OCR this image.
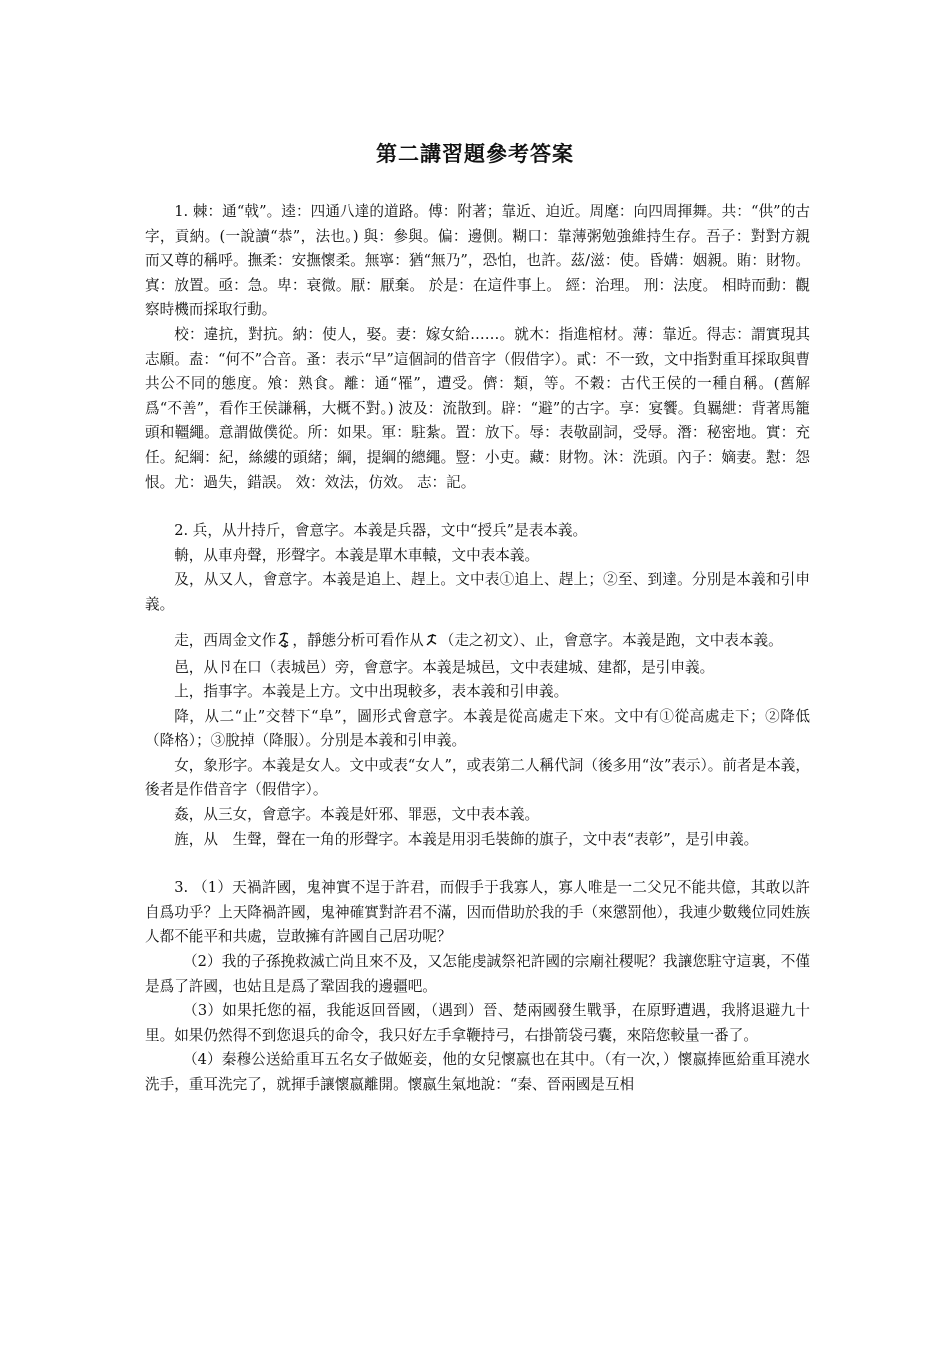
第二講習題參考答案

1. 棘：通“戟”。逵：四通八達的道路。傅：附著；靠近、迫近。周麾：向四周揮舞。共：“供”的古字，貢納。(一說讀“恭”，法也。) 與：參與。偏：邊側。糊口：靠薄粥勉強維持生存。吾子：對對方親而又尊的稱呼。撫柔：安撫懷柔。無寧：猶“無乃”，恐怕，也許。茲/滋：使。昏媾：姻親。賄：財物。寘：放置。亟：急。卑：衰微。厭：厭棄。 於是：在這件事上。 經：治理。 刑：法度。 相時而動：觀察時機而採取行動。

校：違抗，對抗。納：使人，娶。妻：嫁女給……。就木：指進棺材。薄：靠近。得志：謂實現其志願。盍：“何不”合音。蚤：表示“早”這個詞的借音字（假借字）。貳：不一致，文中指對重耳採取與曹共公不同的態度。飧：熟食。離：通“罹”，遭受。儕：類，等。不穀：古代王侯的一種自稱。(舊解爲“不善”，看作王侯謙稱，大概不對。) 波及：流散到。辟：“避”的古字。享：宴饗。負羈紲：背著馬籠頭和韁繩。意謂做僕從。所：如果。軍：駐紮。置：放下。辱：表敬副詞，受辱。潛：秘密地。實：充任。紀綱：紀，絲縷的頭緒；綱，提綱的總繩。豎：小吏。藏：財物。沐：洗頭。內子：嫡妻。懟：怨恨。尤：過失，錯誤。 效：效法，仿效。 志：記。

2. 兵，从廾持斤，會意字。本義是兵器，文中“授兵”是表本義。

輈，从車舟聲，形聲字。本義是單木車轅，文中表本義。

及，从又人，會意字。本義是追上、趕上。文中表①追上、趕上；②至、到達。分別是本義和引申義。

走，西周金文作 ，靜態分析可看作从 （走之初文）、止，會意字。本義是跑，文中表本義。

邑，从卪在口（表城邑）旁，會意字。本義是城邑，文中表建城、建都，是引申義。

上，指事字。本義是上方。文中出現較多，表本義和引申義。

降，从二“止”交替下“阜”，圖形式會意字。本義是從高處走下來。文中有①從高處走下；②降低（降格）；③脫掉（降服）。分別是本義和引申義。

女，象形字。本義是女人。文中或表“女人”，或表第二人稱代詞（後多用“汝”表示）。前者是本義，後者是作借音字（假借字）。

姦，从三女，會意字。本義是奸邪、罪惡，文中表本義。

旌，从　生聲，聲在一角的形聲字。本義是用羽毛裝飾的旗子，文中表“表彰”，是引申義。

3. （1）天禍許國，鬼神實不逞于許君，而假手于我寡人，寡人唯是一二父兄不能共億，其敢以許自爲功乎？上天降禍許國，鬼神確實對許君不滿，因而借助於我的手（來懲罰他），我連少數幾位同姓族人都不能平和共處，豈敢擁有許國自己居功呢？

（2）我的子孫挽救滅亡尚且來不及，又怎能虔誠祭祀許國的宗廟社稷呢？我讓您駐守這裏，不僅是爲了許國，也姑且是爲了鞏固我的邊疆吧。

（3）如果托您的福，我能返回晉國，（遇到）晉、楚兩國發生戰爭，在原野遭遇，我將退避九十里。如果仍然得不到您退兵的命令，我只好左手拿鞭持弓，右掛箭袋弓囊，來陪您較量一番了。

（4）秦穆公送給重耳五名女子做姬妾，他的女兒懷嬴也在其中。（有一次，）懷嬴捧匜給重耳澆水洗手，重耳洗完了，就揮手讓懷嬴離開。懷嬴生氣地說：“秦、晉兩國是互相
